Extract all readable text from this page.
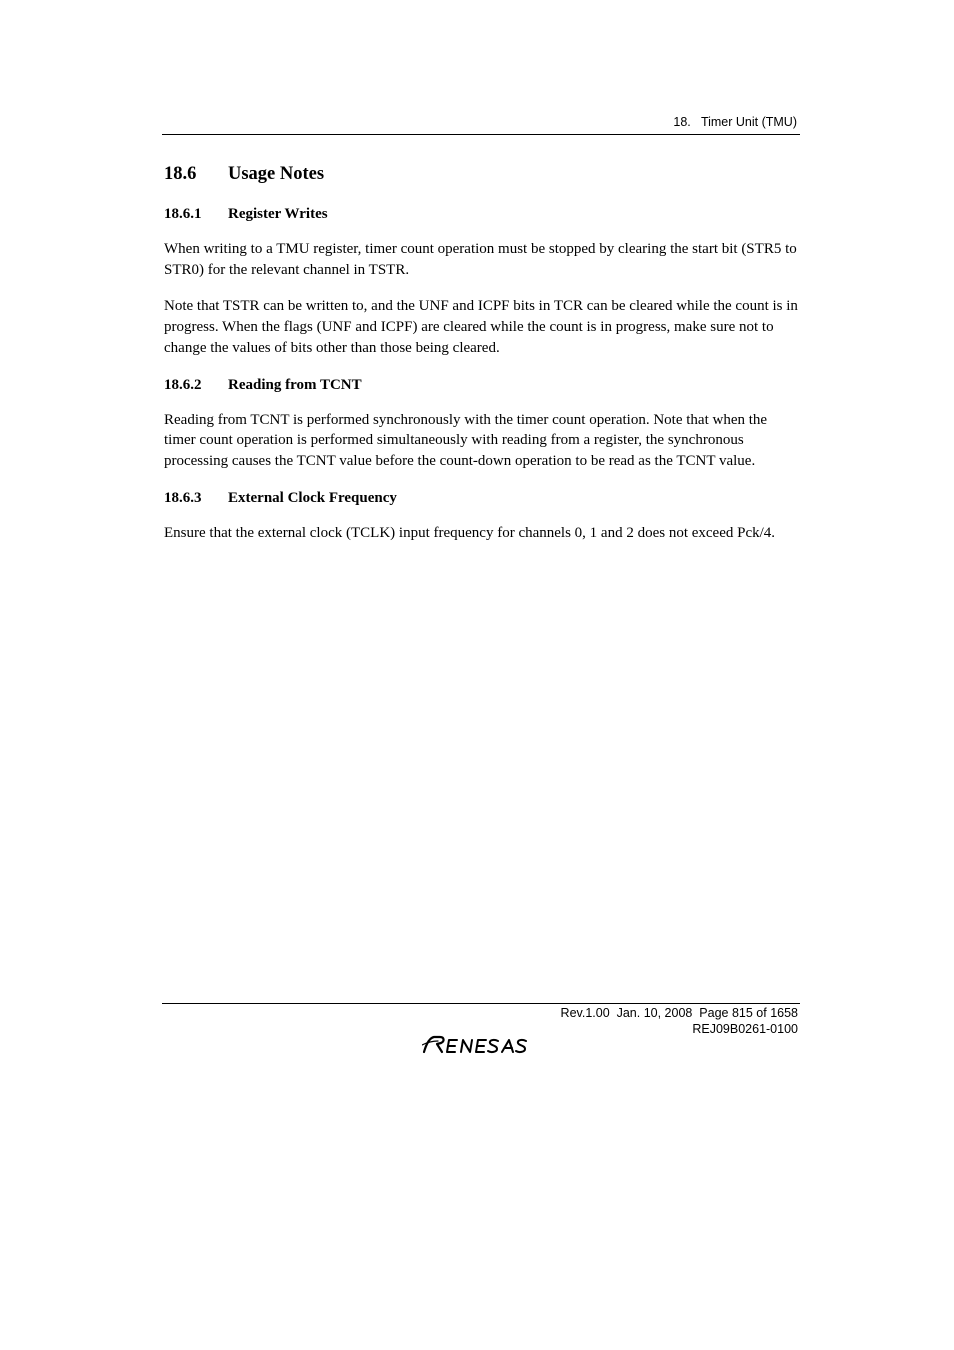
18.   Timer Unit (TMU)
18.6 Usage Notes
18.6.1 Register Writes

When writing to a TMU register, timer count operation must be stopped by clearing the start bit (STR5 to STR0) for the relevant channel in TSTR.

Note that TSTR can be written to, and the UNF and ICPF bits in TCR can be cleared while the count is in progress. When the flags (UNF and ICPF) are cleared while the count is in progress, make sure not to change the values of bits other than those being cleared.

18.6.2 Reading from TCNT

Reading from TCNT is performed synchronously with the timer count operation. Note that when the timer count operation is performed simultaneously with reading from a register, the synchronous processing causes the TCNT value before the count-down operation to be read as the TCNT value.

18.6.3 External Clock Frequency

Ensure that the external clock (TCLK) input frequency for channels 0, 1 and 2 does not exceed Pck/4.

Rev.1.00  Jan. 10, 2008  Page 815 of 1658
REJ09B0261-0100
